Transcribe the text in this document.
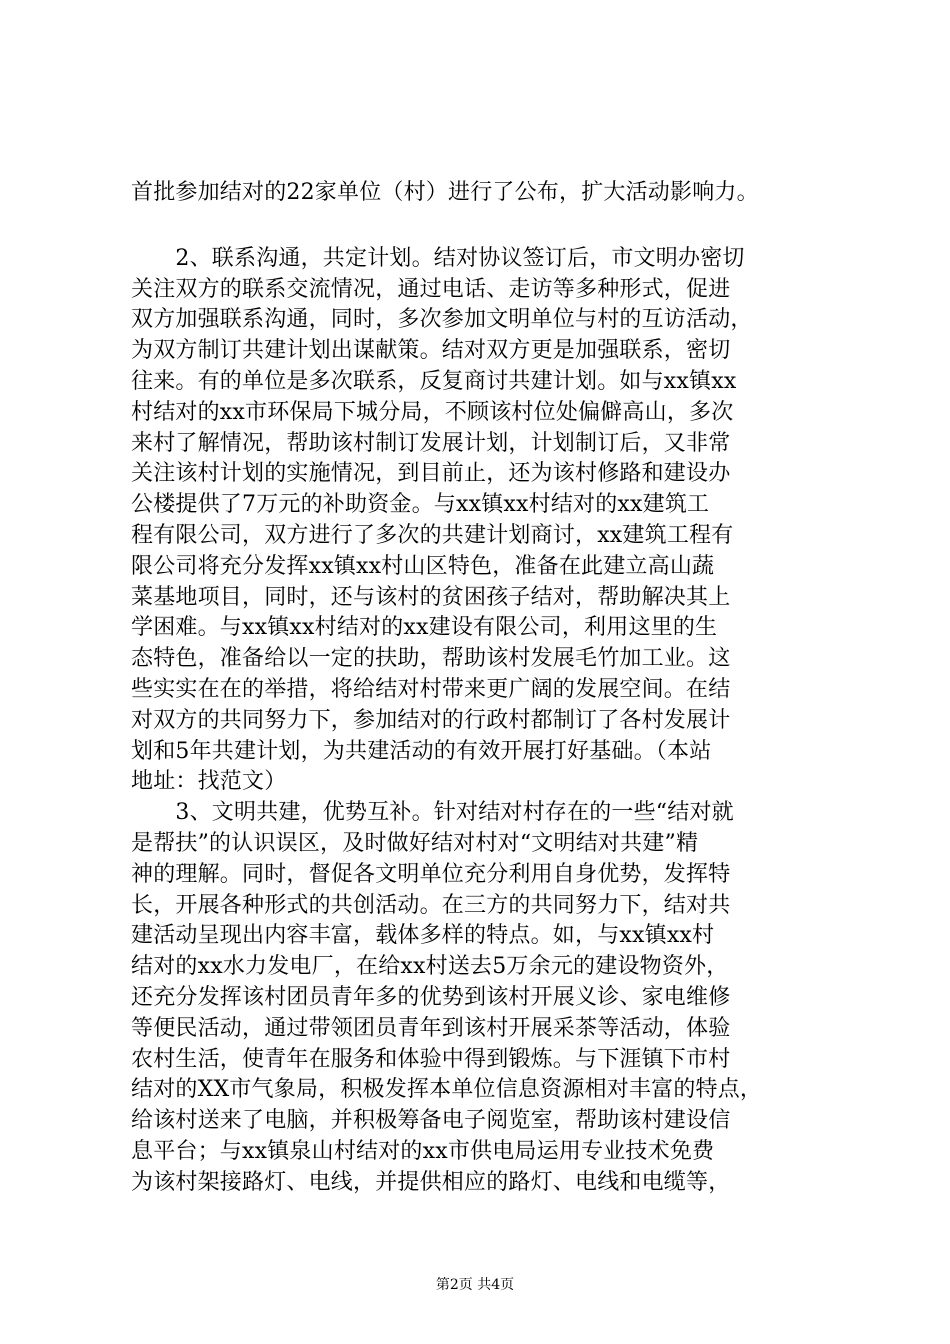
首批参加结对的22家单位（村）进行了公布，扩大活动影响力。
　　2、联系沟通，共定计划。结对协议签订后，市文明办密切
关注双方的联系交流情况，通过电话、走访等多种形式，促进
双方加强联系沟通，同时，多次参加文明单位与村的互访活动，
为双方制订共建计划出谋献策。结对双方更是加强联系，密切
往来。有的单位是多次联系，反复商讨共建计划。如与xx镇xx
村结对的xx市环保局下城分局，不顾该村位处偏僻高山，多次
来村了解情况，帮助该村制订发展计划，计划制订后，又非常
关注该村计划的实施情况，到目前止，还为该村修路和建设办
公楼提供了7万元的补助资金。与xx镇xx村结对的xx建筑工
程有限公司，双方进行了多次的共建计划商讨，xx建筑工程有
限公司将充分发挥xx镇xx村山区特色，准备在此建立高山蔬
菜基地项目，同时，还与该村的贫困孩子结对，帮助解决其上
学困难。与xx镇xx村结对的xx建设有限公司，利用这里的生
态特色，准备给以一定的扶助，帮助该村发展毛竹加工业。这
些实实在在的举措，将给结对村带来更广阔的发展空间。在结
对双方的共同努力下，参加结对的行政村都制订了各村发展计
划和5年共建计划，为共建活动的有效开展打好基础。（本站
地址：找范文）
　　3、文明共建，优势互补。针对结对村存在的一些“结对就
是帮扶”的认识误区，及时做好结对村对“文明结对共建”精
神的理解。同时，督促各文明单位充分利用自身优势，发挥特
长，开展各种形式的共创活动。在三方的共同努力下，结对共
建活动呈现出内容丰富，载体多样的特点。如，与xx镇xx村
结对的xx水力发电厂，在给xx村送去5万余元的建设物资外，
还充分发挥该村团员青年多的优势到该村开展义诊、家电维修
等便民活动，通过带领团员青年到该村开展采茶等活动，体验
农村生活，使青年在服务和体验中得到锻炼。与下涯镇下市村
结对的XX市气象局，积极发挥本单位信息资源相对丰富的特点，
给该村送来了电脑，并积极筹备电子阅览室，帮助该村建设信
息平台；与xx镇泉山村结对的xx市供电局运用专业技术免费
为该村架接路灯、电线，并提供相应的路灯、电线和电缆等，
第2页 共4页
